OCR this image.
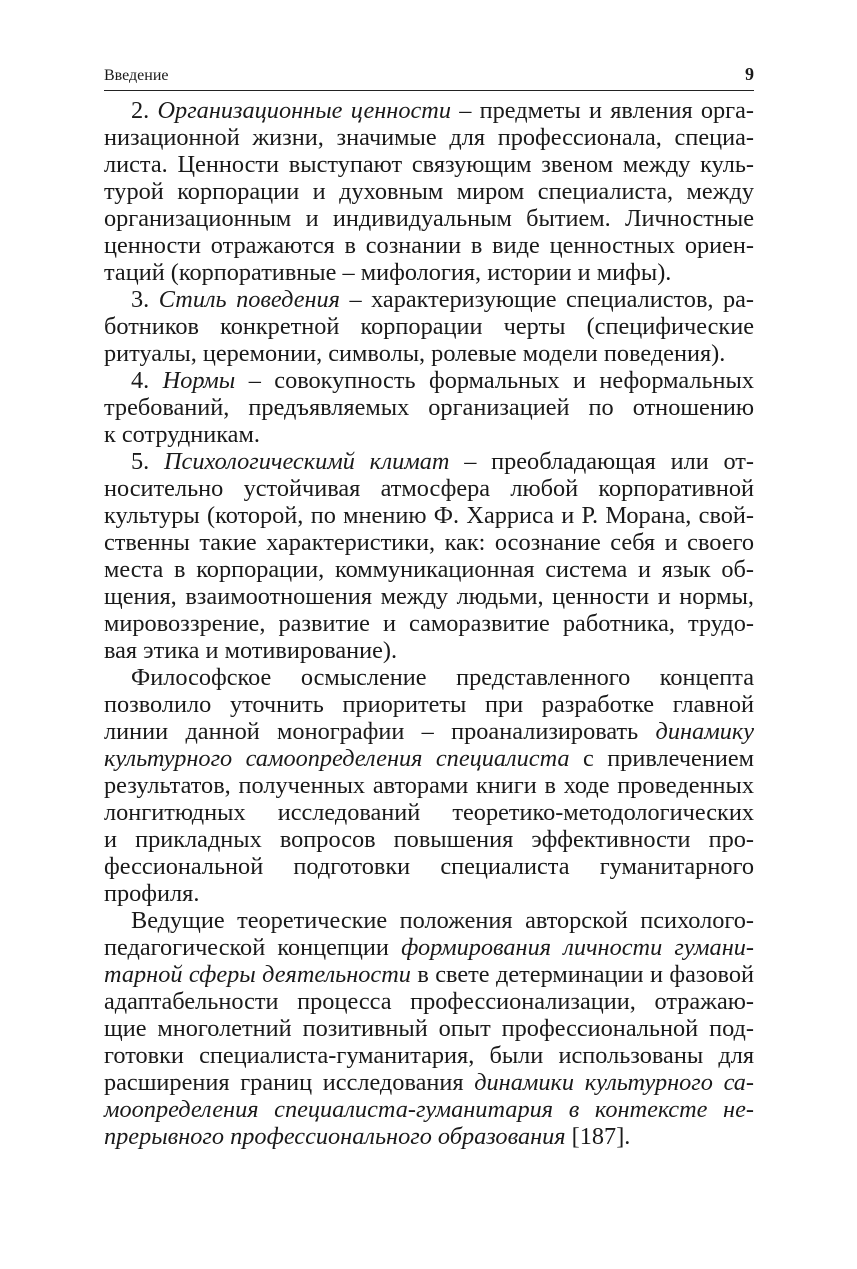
Введение	9
2. Организационные ценности – предметы и явления орга-
низационной жизни, значимые для профессионала, специа-
листа. Ценности выступают связующим звеном между куль-
турой корпорации и духовным миром специалиста, между
организационным и индивидуальным бытием. Личностные
ценности отражаются в сознании в виде ценностных ориен-
таций (корпоративные – мифология, истории и мифы).
3. Стиль поведения – характеризующие специалистов, ра-
ботников конкретной корпорации черты (специфические
ритуалы, церемонии, символы, ролевые модели поведения).
4. Нормы – совокупность формальных и неформальных
требований, предъявляемых организацией по отношению
к сотрудникам.
5. Психологическимй климат – преобладающая или от-
носительно устойчивая атмосфера любой корпоративной
культуры (которой, по мнению Ф. Харриса и Р. Морана, свой-
ственны такие характеристики, как: осознание себя и своего
места в корпорации, коммуникационная система и язык об-
щения, взаимоотношения между людьми, ценности и нормы,
мировоззрение, развитие и саморазвитие работника, трудо-
вая этика и мотивирование).
Философское осмысление представленного концепта
позволило уточнить приоритеты при разработке главной
линии данной монографии – проанализировать динамику
культурного самоопределения специалиста с привлечением
результатов, полученных авторами книги в ходе проведенных
лонгитюдных исследований теоретико-методологических
и прикладных вопросов повышения эффективности про-
фессиональной подготовки специалиста гуманитарного
профиля.
Ведущие теоретические положения авторской психолого-
педагогической концепции формирования личности гумани-
тарной сферы деятельности в свете детерминации и фазовой
адаптабельности процесса профессионализации, отражаю-
щие многолетний позитивный опыт профессиональной под-
готовки специалиста-гуманитария, были использованы для
расширения границ исследования динамики культурного са-
моопределения специалиста-гуманитария в контексте не-
прерывного профессионального образования [187].
